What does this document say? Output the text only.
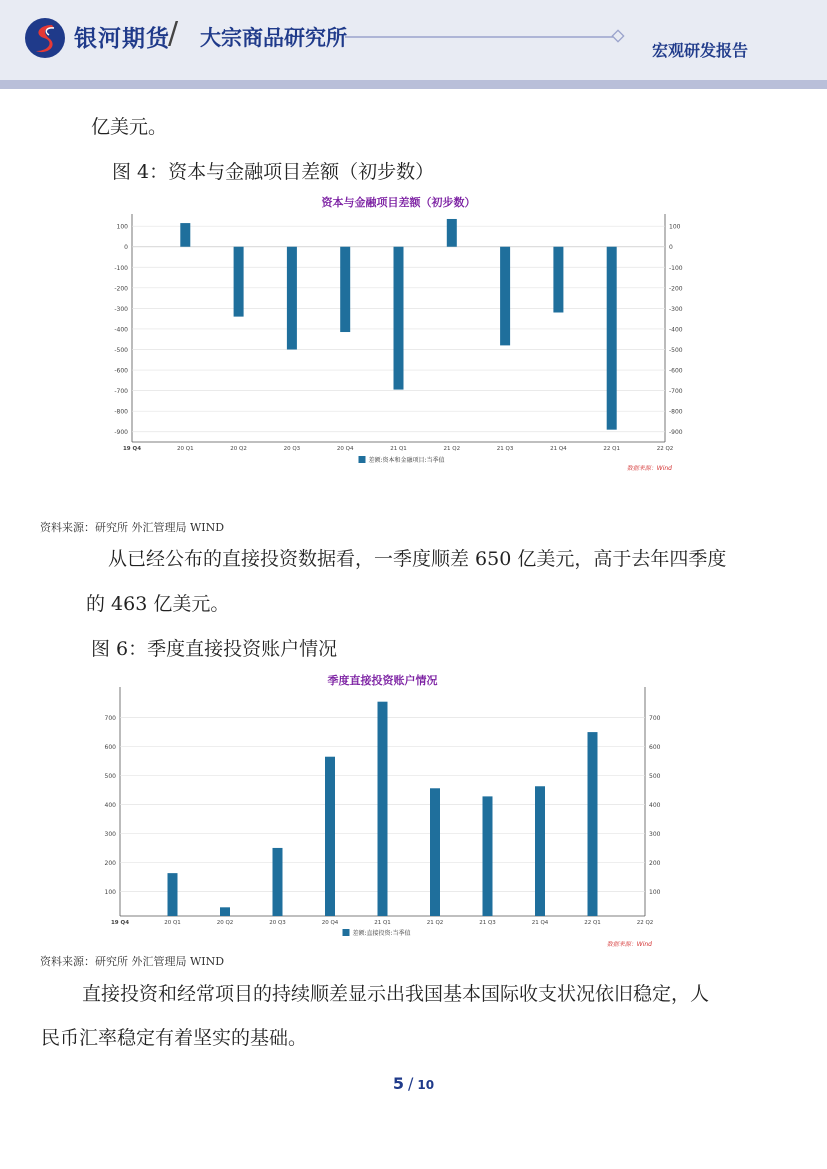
银河期货
/ 大宗商品研究所
宏观研发报告
亿美元。
图 4：资本与金融项目差额（初步数）
资本与金融项目差额（初步数）
100	100
0	0
-100	-100
-200	-200
-300	-300
-400	-400
-500	-500
-600	-600
-700	-700
-800	-800
-900	-900
19 Q4	20 Q1	20 Q2	20 Q3	20 Q4	21 Q1	21 Q2	21 Q3	21 Q4	22 Q1	22 Q2
差额:资本和金融项目:当季值
数据来源：Wind
资料来源：研究所 外汇管理局 WIND
从已经公布的直接投资数据看，一季度顺差 650 亿美元，高于去年四季度
的 463 亿美元。
图 6：季度直接投资账户情况
季度直接投资账户情况
700	700
600	600
500	500
400	400
300	300
200	200
100	100
19 Q4	20 Q1	20 Q2	20 Q3	20 Q4	21 Q1	21 Q2	21 Q3	21 Q4	22 Q1	22 Q2
差额:直接投资:当季值
数据来源：Wind
资料来源：研究所 外汇管理局 WIND
直接投资和经常项目的持续顺差显示出我国基本国际收支状况依旧稳定，人
民币汇率稳定有着坚实的基础。
5 / 10
